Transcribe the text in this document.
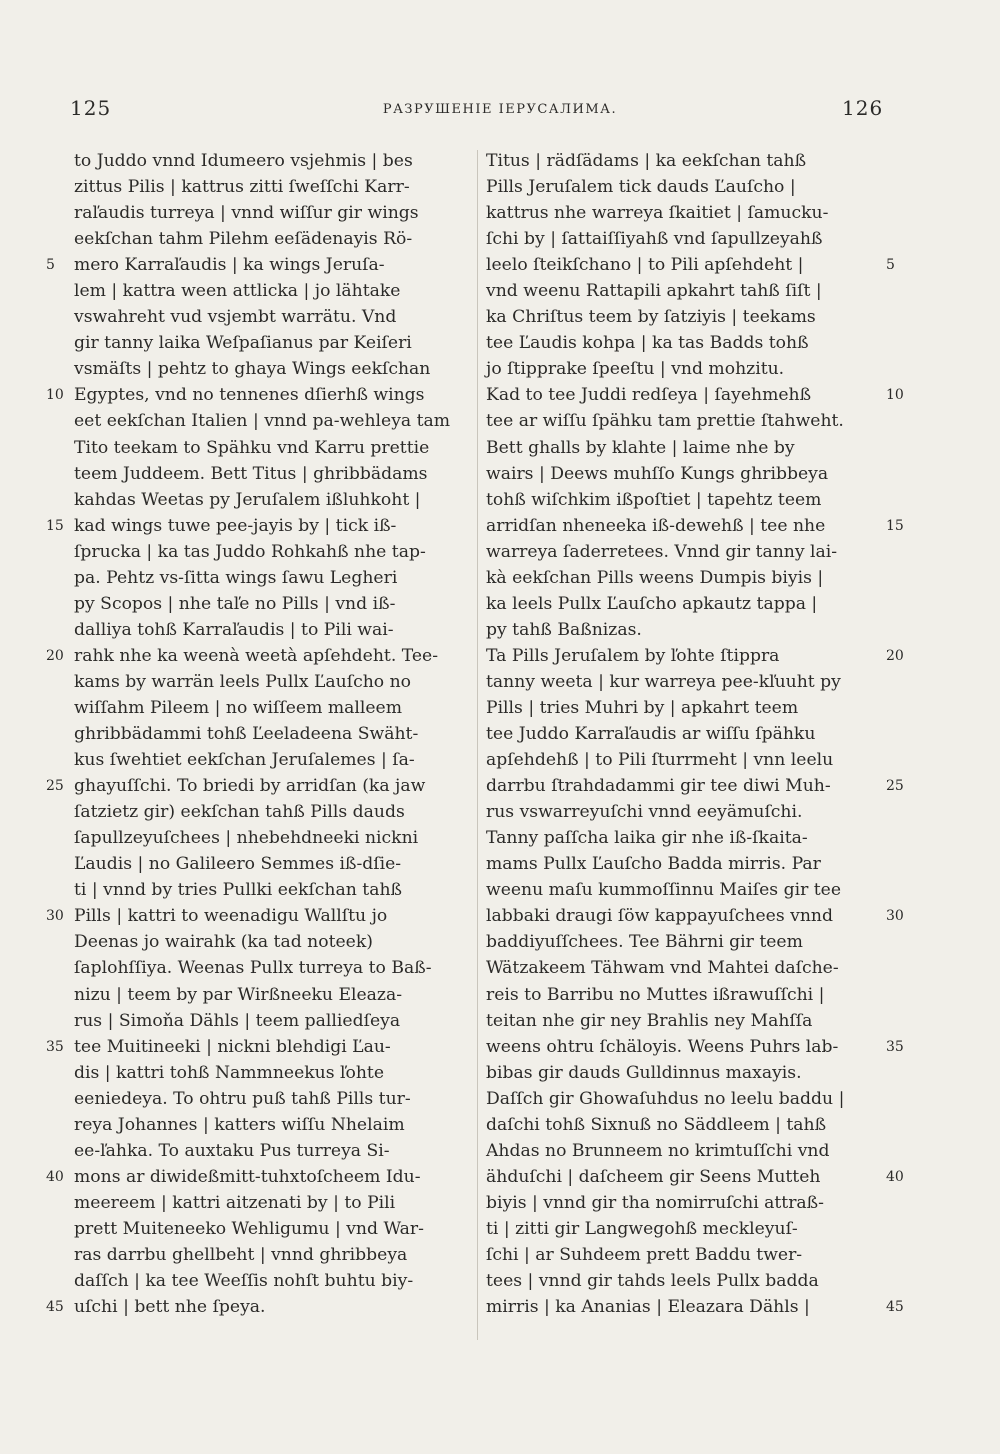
125	РАЗРУШЕНІЕ ІЕРУСАЛИМА.	126
to Juddo vnnd Idumeero vsjehmis | bes
zittus Pilis | kattrus zitti ſweſſchi Karr-
raľaudis turreya | vnnd wiſſur gir wings
eekſchan tahm Pilehm eeſädenayis Rö-
mero Karraľaudis | ka wings Jeruſa-
lem | kattra ween attlicka | jo lähtake
vswahreht vud vsjembt warrätu. Vnd
gir tanny laika Weſpaſianus par Keiſeri
vsmäſts | pehtz to ghaya Wings eekſchan
Egyptes, vnd no tennenes dſierhß wings
eet eekſchan Italien | vnnd pa-wehleya tam
Tito teekam to Spähku vnd Karru prettie
teem Juddeem. Bett Titus | ghribbädams
kahdas Weetas py Jeruſalem ißluhkoht |
kad wings tuwe pee-jayis by | tick iß-
ſprucka | ka tas Juddo Rohkahß nhe tap-
pa. Pehtz vs-ſitta wings ſawu Legheri
py Scopos | nhe taľe no Pills | vnd iß-
dalliya tohß Karraľaudis | to Pili wai-
rahk nhe ka weenà weetà apſehdeht. Tee-
kams by warrän leels Pullx Ľauſcho no
wiſſahm Pileem | no wiſſeem malleem
ghribbädammi tohß Ľeeladeena Swäht-
kus ſwehtiet eekſchan Jeruſalemes | ſa-
ghayuſſchi. To briedi by arridſan (ka jaw
ſatzietz gir) eekſchan tahß Pills dauds
ſapullzeyuſchees | nhebehdneeki nickni
Ľaudis | no Galileero Semmes iß-dſie-
ti | vnnd by tries Pullki eekſchan tahß
Pills | kattri to weenadigu Wallſtu jo
Deenas jo wairahk (ka tad noteek)
ſaplohſſiya. Weenas Pullx turreya to Baß-
nizu | teem by par Wirßneeku Eleaza-
rus | Simoňa Dähls | teem palliedſeya
tee Muitineeki | nickni blehdigi Ľau-
dis | kattri tohß Nammneekus ľohte
eeniedeya. To ohtru puß tahß Pills tur-
reya Johannes | katters wiſſu Nhelaim
ee-ľahka. To auxtaku Pus turreya Si-
mons ar diwideßmitt-tuhxtoſcheem Idu-
meereem | kattri aitzenati by | to Pili
prett Muiteneeko Wehligumu | vnd War-
ras darrbu ghellbeht | vnnd ghribbeya
daſſch | ka tee Weeſſis nohſt buhtu biy-
uſchi | bett nhe ſpeya.
Titus | rädſädams | ka eekſchan tahß
Pills Jeruſalem tick dauds Ľauſcho |
kattrus nhe warreya ſkaitiet | ſamucku-
ſchi by | ſattaiſſiyahß vnd ſapullzeyahß
leelo ſteikſchano | to Pili apſehdeht |
vnd weenu Rattapili apkahrt tahß ſiſt |
ka Chriſtus teem by ſatziyis | teekams
tee Ľaudis kohpa | ka tas Badds tohß
jo ſtipprake ſpeeſtu | vnd mohzitu.
Kad to tee Juddi redſeya | ſayehmehß
tee ar wiſſu ſpähku tam prettie ſtahweht.
Bett ghalls by klahte | laime nhe by
wairs | Deews muhſſo Kungs ghribbeya
tohß wiſchkim ißpoſtiet | tapehtz teem
arridſan nheneeka iß-dewehß | tee nhe
warreya ſaderretees. Vnnd gir tanny lai-
kà eekſchan Pills weens Dumpis biyis |
ka leels Pullx Ľauſcho apkautz tappa |
py tahß Baßnizas.
Ta Pills Jeruſalem by ľohte ſtippra
tanny weeta | kur warreya pee-kľuuht py
Pills | tries Muhri by | apkahrt teem
tee Juddo Karraľaudis ar wiſſu ſpähku
apſehdehß | to Pili ſturrmeht | vnn leelu
darrbu ſtrahdadammi gir tee diwi Muh-
rus vswarreyuſchi vnnd eeyämuſchi.
Tanny paſſcha laika gir nhe iß-ſkaita-
mams Pullx Ľauſcho Badda mirris. Par
weenu maſu kummoſſinnu Maiſes gir tee
labbaki draugi ſöw kappayuſchees vnnd
baddiyuſſchees. Tee Bährni gir teem
Wätzakeem Tähwam vnd Mahtei daſche-
reis to Barribu no Muttes ißrawuſſchi |
teitan nhe gir ney Brahlis ney Mahſſa
weens ohtru ſchäloyis. Weens Puhrs lab-
bibas gir dauds Gulldinnus maxayis.
Daſſch gir Ghowaſuhdus no leelu baddu |
daſchi tohß Sixnuß no Säddleem | tahß
Ahdas no Brunneem no krimtuſſchi vnd
ähduſchi | daſcheem gir Seens Mutteh
biyis | vnnd gir tha nomirruſchi attraß-
ti | zitti gir Langwegohß meckleyuſ-
ſchi | ar Suhdeem prett Baddu twer-
tees | vnnd gir tahds leels Pullx badda
mirris | ka Ananias | Eleazara Dähls |
5
10
15
20
25
30
35
40
45
5
10
15
20
25
30
35
40
45
